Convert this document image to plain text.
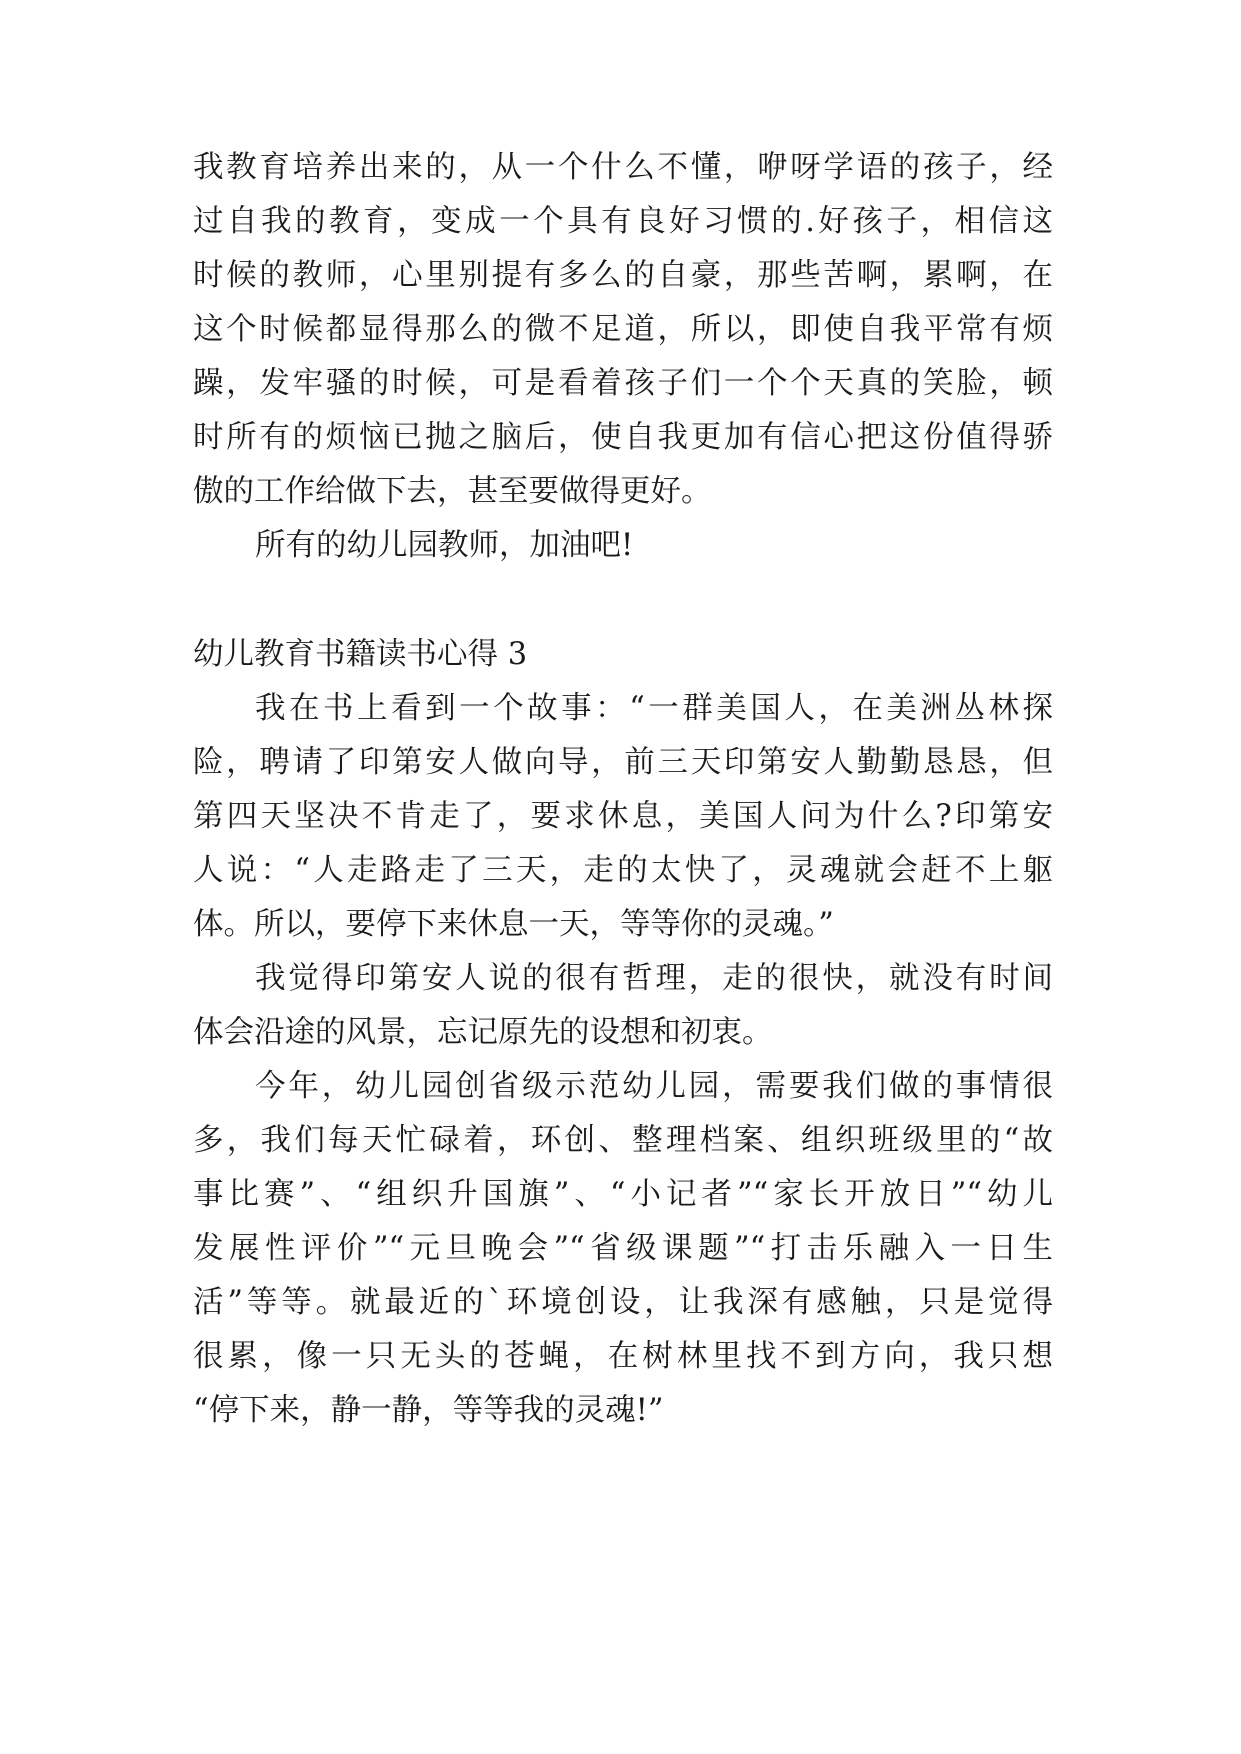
我教育培养出来的，从一个什么不懂，咿呀学语的孩子，经
过自我的教育，变成一个具有良好习惯的.好孩子，相信这
时候的教师，心里别提有多么的自豪，那些苦啊，累啊，在
这个时候都显得那么的微不足道，所以，即使自我平常有烦
躁，发牢骚的时候，可是看着孩子们一个个天真的笑脸，顿
时所有的烦恼已抛之脑后，使自我更加有信心把这份值得骄
傲的工作给做下去，甚至要做得更好。
所有的幼儿园教师，加油吧!
幼儿教育书籍读书心得 3
我在书上看到一个故事：“一群美国人，在美洲丛林探
险，聘请了印第安人做向导，前三天印第安人勤勤恳恳，但
第四天坚决不肯走了，要求休息，美国人问为什么?印第安
人说：“人走路走了三天，走的太快了，灵魂就会赶不上躯
体。所以，要停下来休息一天，等等你的灵魂。”
我觉得印第安人说的很有哲理，走的很快，就没有时间
体会沿途的风景，忘记原先的设想和初衷。
今年，幼儿园创省级示范幼儿园，需要我们做的事情很
多，我们每天忙碌着，环创、整理档案、组织班级里的“故
事比赛”、“组织升国旗”、“小记者”“家长开放日”“幼儿
发展性评价”“元旦晚会”“省级课题”“打击乐融入一日生
活”等等。就最近的`环境创设，让我深有感触，只是觉得
很累，像一只无头的苍蝇，在树林里找不到方向，我只想
“停下来，静一静，等等我的灵魂!”
